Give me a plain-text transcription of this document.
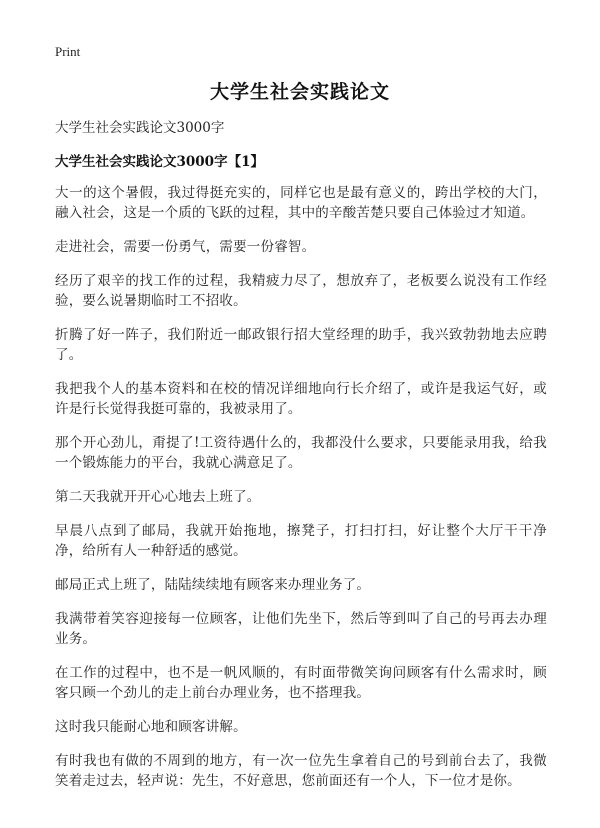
Print
大学生社会实践论文

大学生社会实践论文3000字

大学生社会实践论文3000字【1】

大一的这个暑假，我过得挺充实的，同样它也是最有意义的，跨出学校的大门，融入社会，这是一个质的飞跃的过程，其中的辛酸苦楚只要自己体验过才知道。

走进社会，需要一份勇气，需要一份睿智。

经历了艰辛的找工作的过程，我精疲力尽了，想放弃了，老板要么说没有工作经验，要么说暑期临时工不招收。

折腾了好一阵子，我们附近一邮政银行招大堂经理的助手，我兴致勃勃地去应聘了。

我把我个人的基本资料和在校的情况详细地向行长介绍了，或许是我运气好，或许是行长觉得我挺可靠的，我被录用了。

那个开心劲儿，甭提了!工资待遇什么的，我都没什么要求，只要能录用我，给我一个锻炼能力的平台，我就心满意足了。

第二天我就开开心心地去上班了。

早晨八点到了邮局，我就开始拖地，擦凳子，打扫打扫，好让整个大厅干干净净，给所有人一种舒适的感觉。

邮局正式上班了，陆陆续续地有顾客来办理业务了。

我满带着笑容迎接每一位顾客，让他们先坐下，然后等到叫了自己的号再去办理业务。

在工作的过程中，也不是一帆风顺的，有时面带微笑询问顾客有什么需求时，顾客只顾一个劲儿的走上前台办理业务，也不搭理我。

这时我只能耐心地和顾客讲解。

有时我也有做的不周到的地方，有一次一位先生拿着自己的号到前台去了，我微笑着走过去，轻声说：先生，不好意思，您前面还有一个人，下一位才是你。
